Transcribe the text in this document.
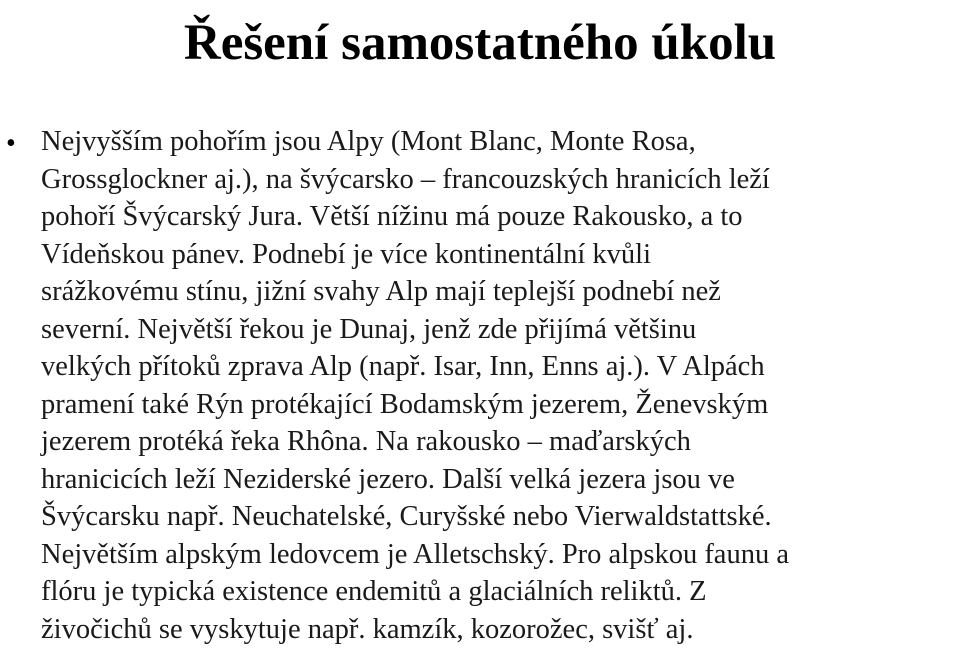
Řešení samostatného úkolu
• Nejvyšším pohořím jsou Alpy (Mont Blanc, Monte Rosa,
Grossglockner aj.), na švýcarsko – francouzských hranicích leží
pohoří Švýcarský Jura. Větší nížinu má pouze Rakousko, a to
Vídeňskou pánev. Podnebí je více kontinentální kvůli
srážkovému stínu, jižní svahy Alp mají teplejší podnebí než
severní. Největší řekou je Dunaj, jenž zde přijímá většinu
velkých přítoků zprava Alp (např. Isar, Inn, Enns aj.). V Alpách
pramení také Rýn protékající Bodamským jezerem, Ženevským
jezerem protéká řeka Rhôna. Na rakousko – maďarských
hranicicích leží Neziderské jezero. Další velká jezera jsou ve
Švýcarsku např. Neuchatelské, Curyšské nebo Vierwaldstattské.
Největším alpským ledovcem je Alletschský. Pro alpskou faunu a
flóru je typická existence endemitů a glaciálních reliktů. Z
živočichů se vyskytuje např. kamzík, kozorožec, svišť aj.
